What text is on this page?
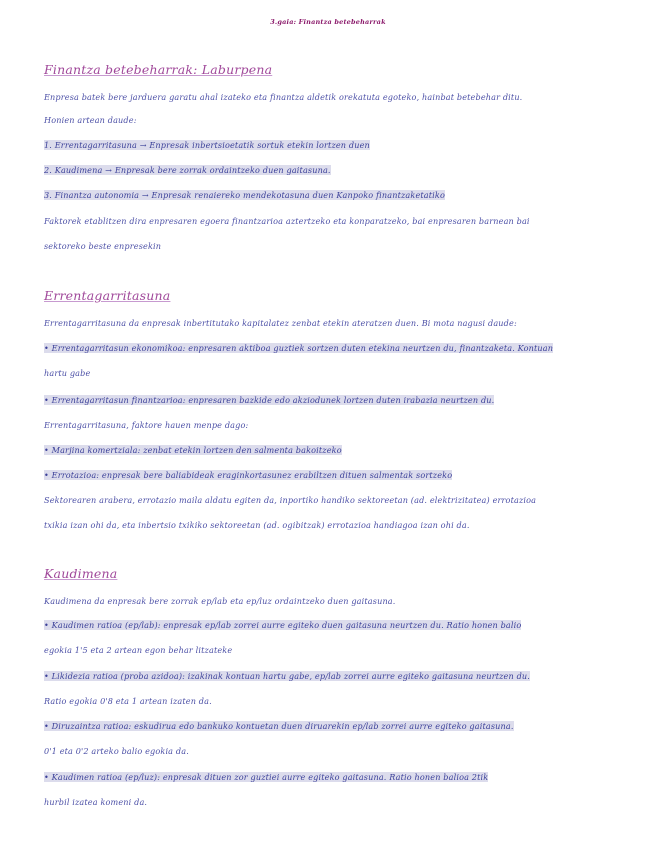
3.gaia: Finantza betebeharrak
Finantza betebeharrak: Laburpena
Enpresa batek bere jarduera garatu ahal izateko eta finantza aldetik orekatuta egoteko, hainbat betebehar ditu.
Honien artean daude:
1. Errentagarritasuna → Enpresak inbertsioetatik sortuk etekin lortzen duen
2. Kaudimena → Enpresak bere zorrak ordaintzeko duen gaitasuna.
3. Finantza autonomia → Enpresak renaiereko mendekotasuna duen Kanpoko finantzaketatiko
Faktorek etablitzen dira enpresaren egoera finantzarioa aztertzeko eta konparatzeko, bai enpresaren barnean bai
sektoreko beste enpresekin
Errentagarritasuna
Errentagarritasuna da enpresak inbertitutako kapitalatez zenbat etekin ateratzen duen. Bi mota nagusi daude:
• Errentagarritasun ekonomikoa: enpresaren aktiboa guztiek sortzen duten etekina neurtzen du, finantzaketa. Kontuan
hartu gabe
• Errentagarritasun finantzarioa: enpresaren bazkide edo akziodunek lortzen duten irabazia neurtzen du.
Errentagarritasuna, faktore hauen menpe dago:
• Marjina komertziala: zenbat etekin lortzen den salmenta bakoitzeko
• Errotazioa: enpresak bere baliabideak eraginkortasunez erabiltzen dituen salmentak sortzeko
Sektorearen arabera, errotazio maila aldatu egiten da, inportiko handiko sektoreetan (ad. elektrizitatea) errotazioa
txikia izan ohi da, eta inbertsio txikiko sektoreetan (ad. ogibitzak) errotazioa handiagoa izan ohi da.
Kaudimena
Kaudimena da enpresak bere zorrak ep/lab eta ep/luz ordaintzeko duen gaitasuna.
• Kaudimen ratioa (ep/lab): enpresak ep/lab zorrei aurre egiteko duen gaitasuna neurtzen du. Ratio honen balio
egokia 1'5 eta 2 artean egon behar litzateke
• Likidezia ratioa (proba azidoa): izakinak kontuan hartu gabe, ep/lab zorrei aurre egiteko gaitasuna neurtzen du.
Ratio egokia 0'8 eta 1 artean izaten da.
• Diruzaintza ratioa: eskudirua edo bankuko kontuetan duen diruarekin ep/lab zorrei aurre egiteko gaitasuna.
0'1 eta 0'2 arteko balio egokia da.
• Kaudimen ratioa (ep/luz): enpresak dituen zor guztiei aurre egiteko gaitasuna. Ratio honen balioa 2tik
hurbil izatea komeni da.
